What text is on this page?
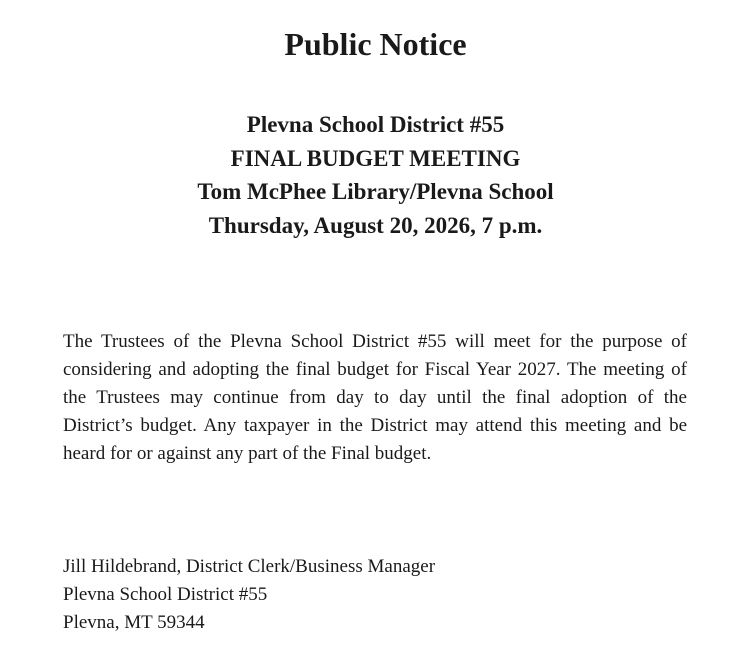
Public Notice
Plevna School District #55
FINAL BUDGET MEETING
Tom McPhee Library/Plevna School
Thursday, August 20, 2026, 7 p.m.

The Trustees of the Plevna School District #55 will meet for the purpose of considering and adopting the final budget for Fiscal Year 2027. The meeting of the Trustees may continue from day to day until the final adoption of the District’s budget. Any taxpayer in the District may attend this meeting and be heard for or against any part of the Final budget.

Jill Hildebrand, District Clerk/Business Manager
Plevna School District #55
Plevna, MT 59344
